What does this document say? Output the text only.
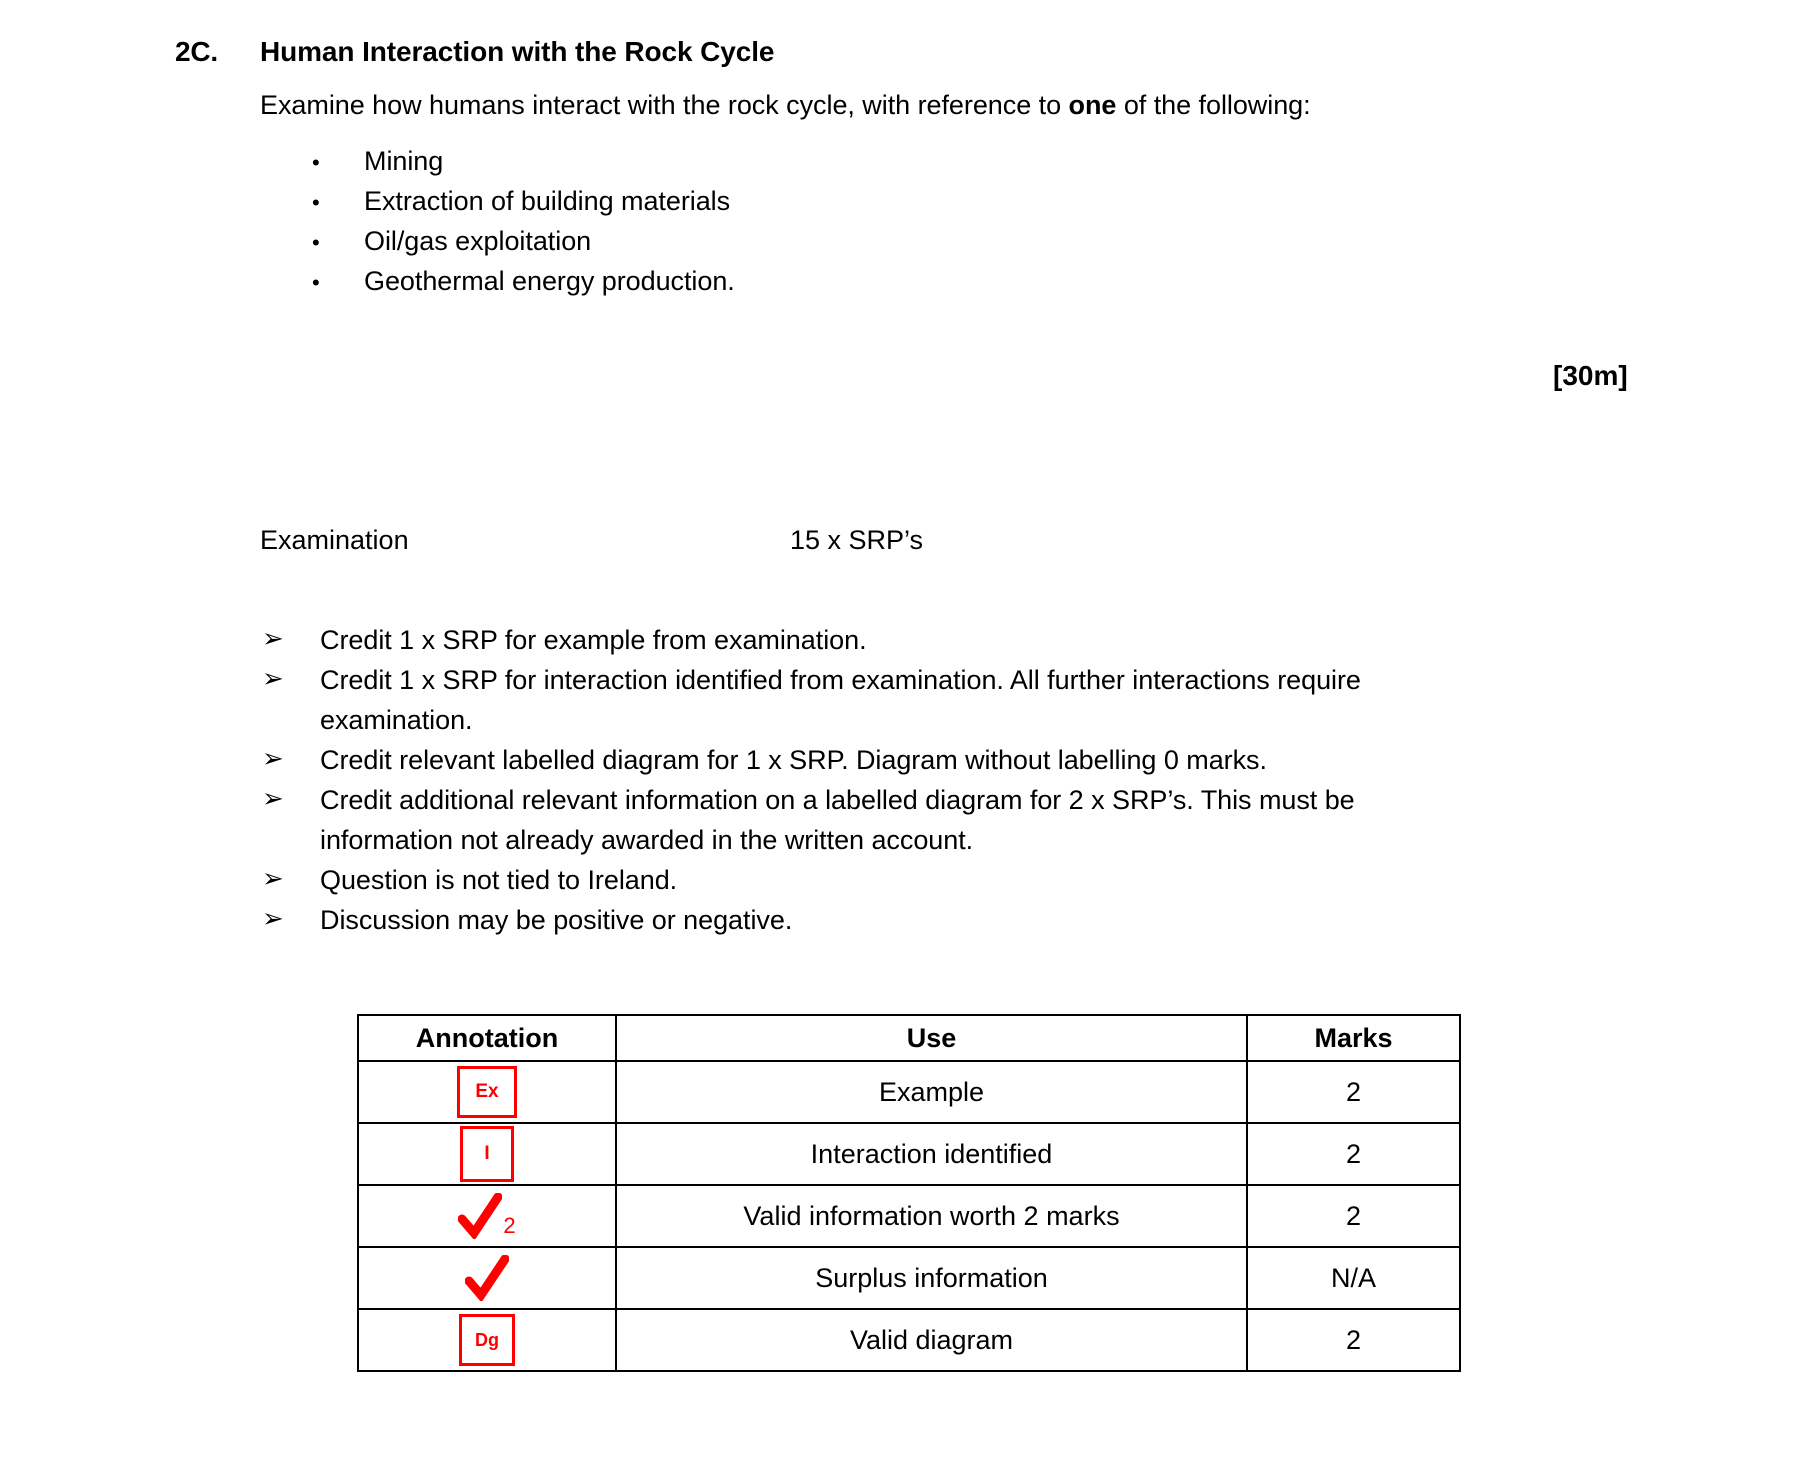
2C.	Human Interaction with the Rock Cycle
Examine how humans interact with the rock cycle, with reference to one of the following:
•	Mining
•	Extraction of building materials
•	Oil/gas exploitation
•	Geothermal energy production.
[30m]
Examination	15 x SRP’s
➢	Credit 1 x SRP for example from examination.
➢	Credit 1 x SRP for interaction identified from examination. All further interactions require examination.
➢	Credit relevant labelled diagram for 1 x SRP. Diagram without labelling 0 marks.
➢	Credit additional relevant information on a labelled diagram for 2 x SRP’s. This must be information not already awarded in the written account.
➢	Question is not tied to Ireland.
➢	Discussion may be positive or negative.
Annotation	Use	Marks

Ex	Example	2

I	Interaction identified	2

2	Valid information worth 2 marks	2

	Surplus information	N/A

Dg	Valid diagram	2
